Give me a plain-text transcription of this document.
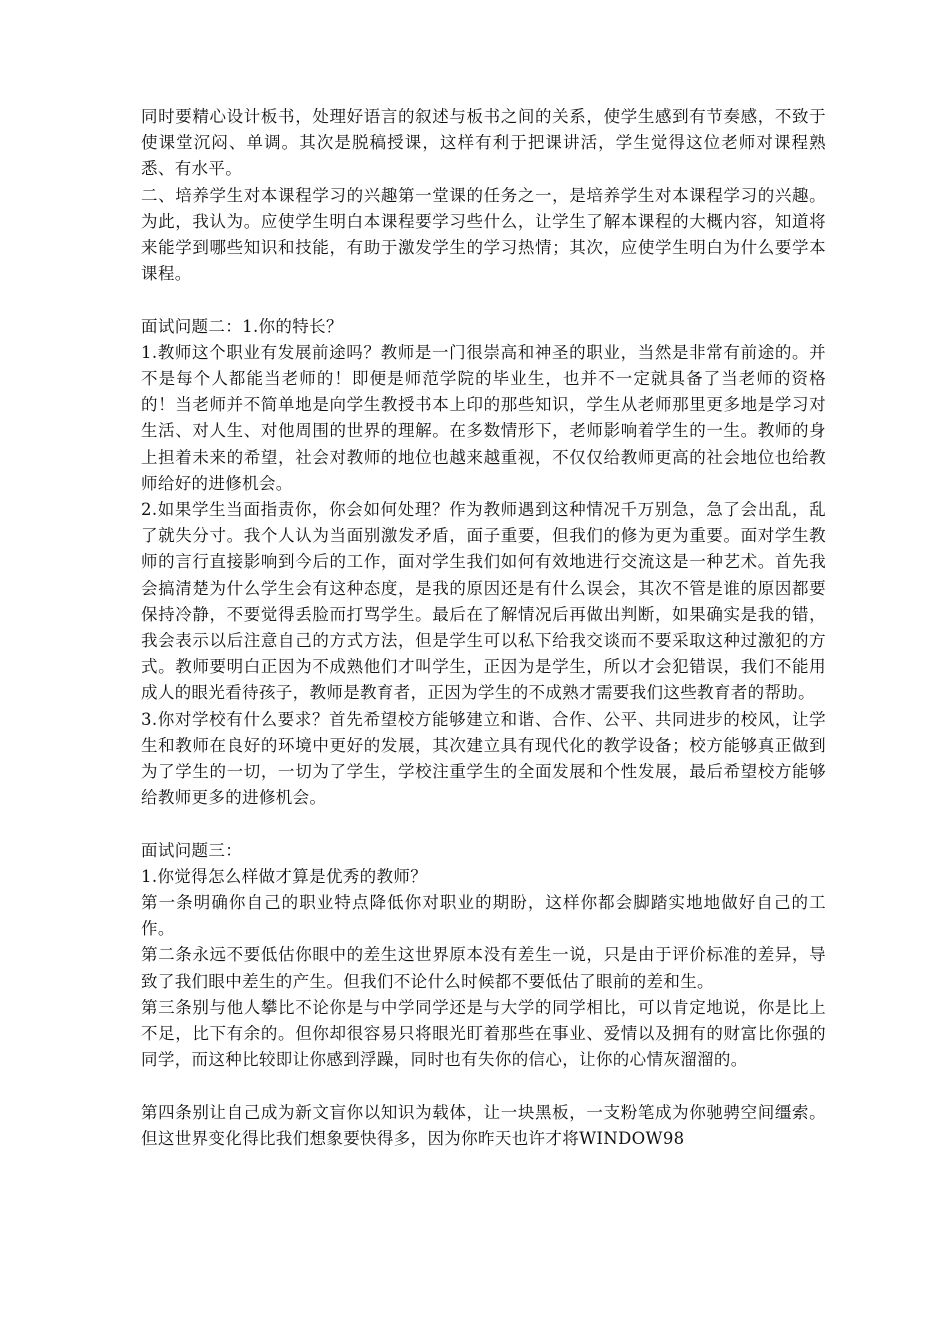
同时要精心设计板书，处理好语言的叙述与板书之间的关系，使学生感到有节奏感，不致于使课堂沉闷、单调。其次是脱稿授课，这样有利于把课讲活，学生觉得这位老师对课程熟悉、有水平。

二、培养学生对本课程学习的兴趣第一堂课的任务之一，是培养学生对本课程学习的兴趣。为此，我认为。应使学生明白本课程要学习些什么，让学生了解本课程的大概内容，知道将来能学到哪些知识和技能，有助于激发学生的学习热情；其次，应使学生明白为什么要学本课程。

面试问题二：1.你的特长？

1.教师这个职业有发展前途吗？教师是一门很崇高和神圣的职业，当然是非常有前途的。并不是每个人都能当老师的！即便是师范学院的毕业生，也并不一定就具备了当老师的资格的！当老师并不简单地是向学生教授书本上印的那些知识，学生从老师那里更多地是学习对生活、对人生、对他周围的世界的理解。在多数情形下，老师影响着学生的一生。教师的身上担着未来的希望，社会对教师的地位也越来越重视，不仅仅给教师更高的社会地位也给教师给好的进修机会。

2.如果学生当面指责你，你会如何处理？作为教师遇到这种情况千万别急，急了会出乱，乱了就失分寸。我个人认为当面别激发矛盾，面子重要，但我们的修为更为重要。面对学生教师的言行直接影响到今后的工作，面对学生我们如何有效地进行交流这是一种艺术。首先我会搞清楚为什么学生会有这种态度，是我的原因还是有什么误会，其次不管是谁的原因都要保持冷静，不要觉得丢脸而打骂学生。最后在了解情况后再做出判断，如果确实是我的错，我会表示以后注意自己的方式方法，但是学生可以私下给我交谈而不要采取这种过激犯的方式。教师要明白正因为不成熟他们才叫学生，正因为是学生，所以才会犯错误，我们不能用成人的眼光看待孩子，教师是教育者，正因为学生的不成熟才需要我们这些教育者的帮助。

3.你对学校有什么要求？首先希望校方能够建立和谐、合作、公平、共同进步的校风，让学生和教师在良好的环境中更好的发展，其次建立具有现代化的教学设备；校方能够真正做到为了学生的一切，一切为了学生，学校注重学生的全面发展和个性发展，最后希望校方能够给教师更多的进修机会。

面试问题三：

1.你觉得怎么样做才算是优秀的教师？

第一条明确你自己的职业特点降低你对职业的期盼，这样你都会脚踏实地地做好自己的工作。

第二条永远不要低估你眼中的差生这世界原本没有差生一说，只是由于评价标准的差异，导致了我们眼中差生的产生。但我们不论什么时候都不要低估了眼前的差和生。

第三条别与他人攀比不论你是与中学同学还是与大学的同学相比，可以肯定地说，你是比上不足，比下有余的。但你却很容易只将眼光盯着那些在事业、爱情以及拥有的财富比你强的同学，而这种比较即让你感到浮躁，同时也有失你的信心，让你的心情灰溜溜的。

第四条别让自己成为新文盲你以知识为载体，让一块黑板，一支粉笔成为你驰骋空间缰索。但这世界变化得比我们想象要快得多，因为你昨天也许才将WINDOW98
